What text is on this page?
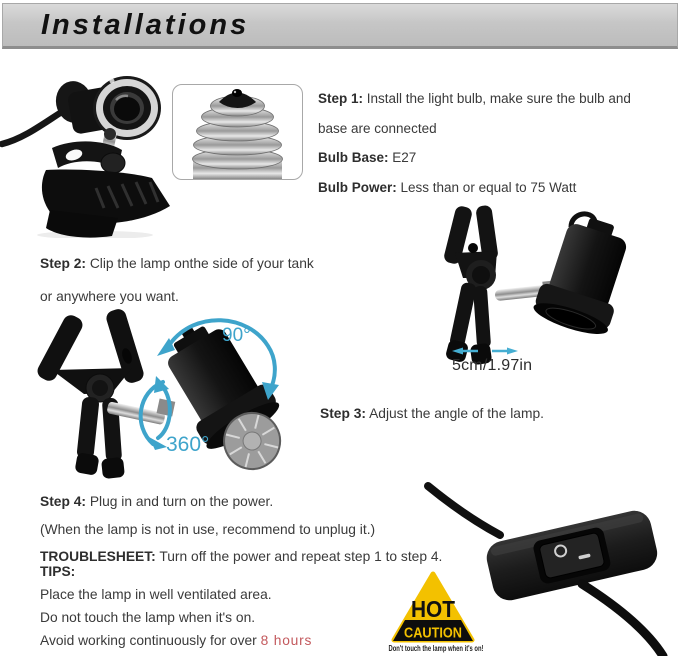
Installations
Step 1: Install the light bulb, make sure the bulb and
base are connected
Bulb Base: E27
Bulb Power: Less than or equal to 75 Watt
Step 2: Clip the lamp onthe side of your tank
or anywhere you want.
5cm/1.97in
Step 3: Adjust the angle of the lamp.
90°
360°
Step 4: Plug in and turn on the power.
(When the lamp is not in use, recommend to unplug it.)
TROUBLESHEET: Turn off the power and repeat step 1 to step 4.
TIPS:
Place the lamp in well ventilated area.
Do not touch the lamp when it's on.
Avoid working continuously for over 8 hours
HOT
CAUTION
Don't touch the lamp when it's on!
